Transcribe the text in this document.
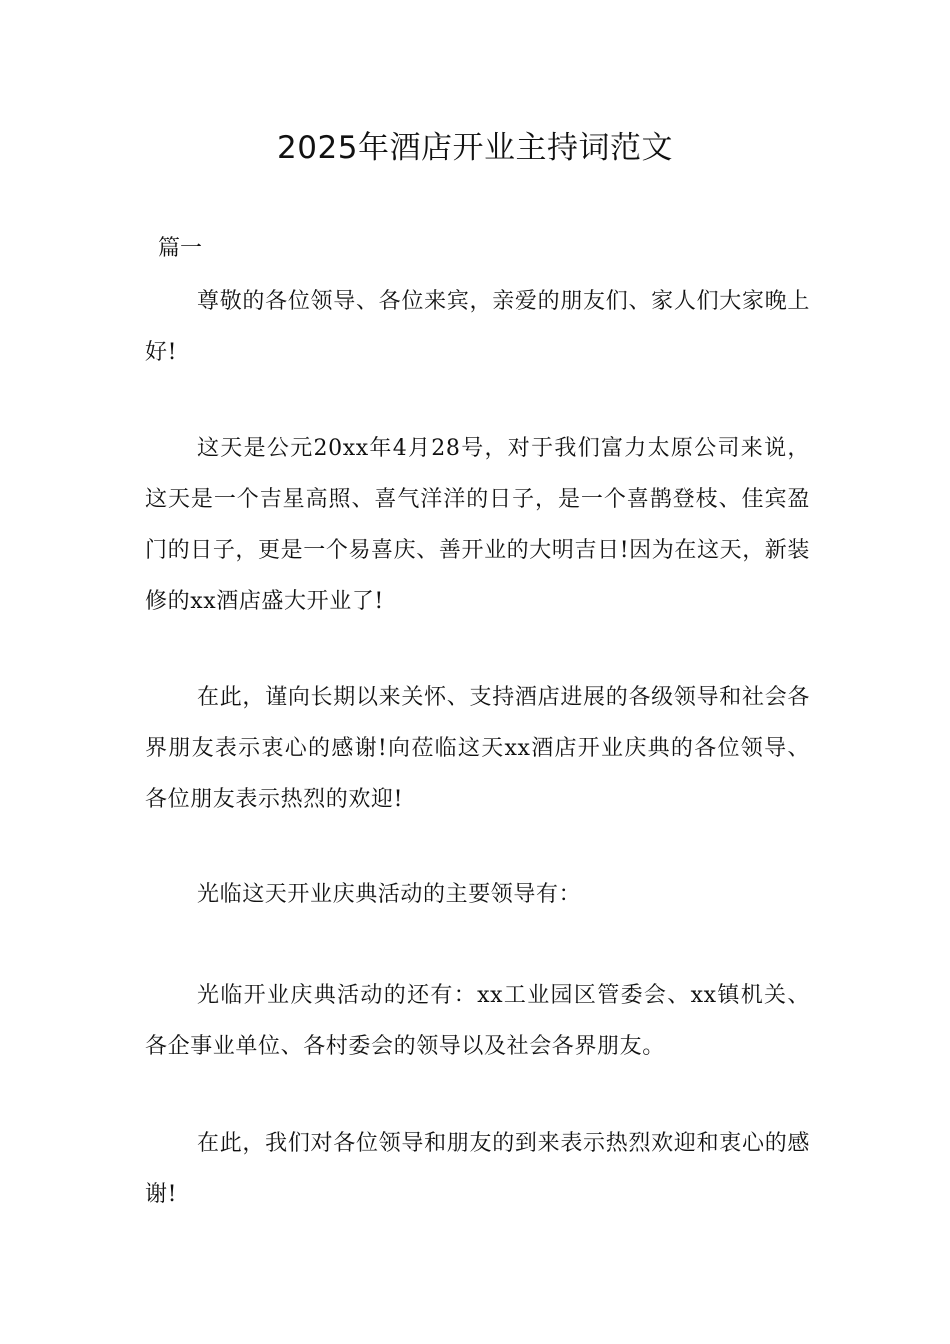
2025年酒店开业主持词范文

篇一

尊敬的各位领导、各位来宾，亲爱的朋友们、家人们大家晚上好!

这天是公元20xx年4月28号，对于我们富力太原公司来说，这天是一个吉星高照、喜气洋洋的日子，是一个喜鹊登枝、佳宾盈门的日子，更是一个易喜庆、善开业的大明吉日!因为在这天，新装修的xx酒店盛大开业了!

在此，谨向长期以来关怀、支持酒店进展的各级领导和社会各界朋友表示衷心的感谢!向莅临这天xx酒店开业庆典的各位领导、各位朋友表示热烈的欢迎!

光临这天开业庆典活动的主要领导有：

光临开业庆典活动的还有：xx工业园区管委会、xx镇机关、各企事业单位、各村委会的领导以及社会各界朋友。

在此，我们对各位领导和朋友的到来表示热烈欢迎和衷心的感谢!
